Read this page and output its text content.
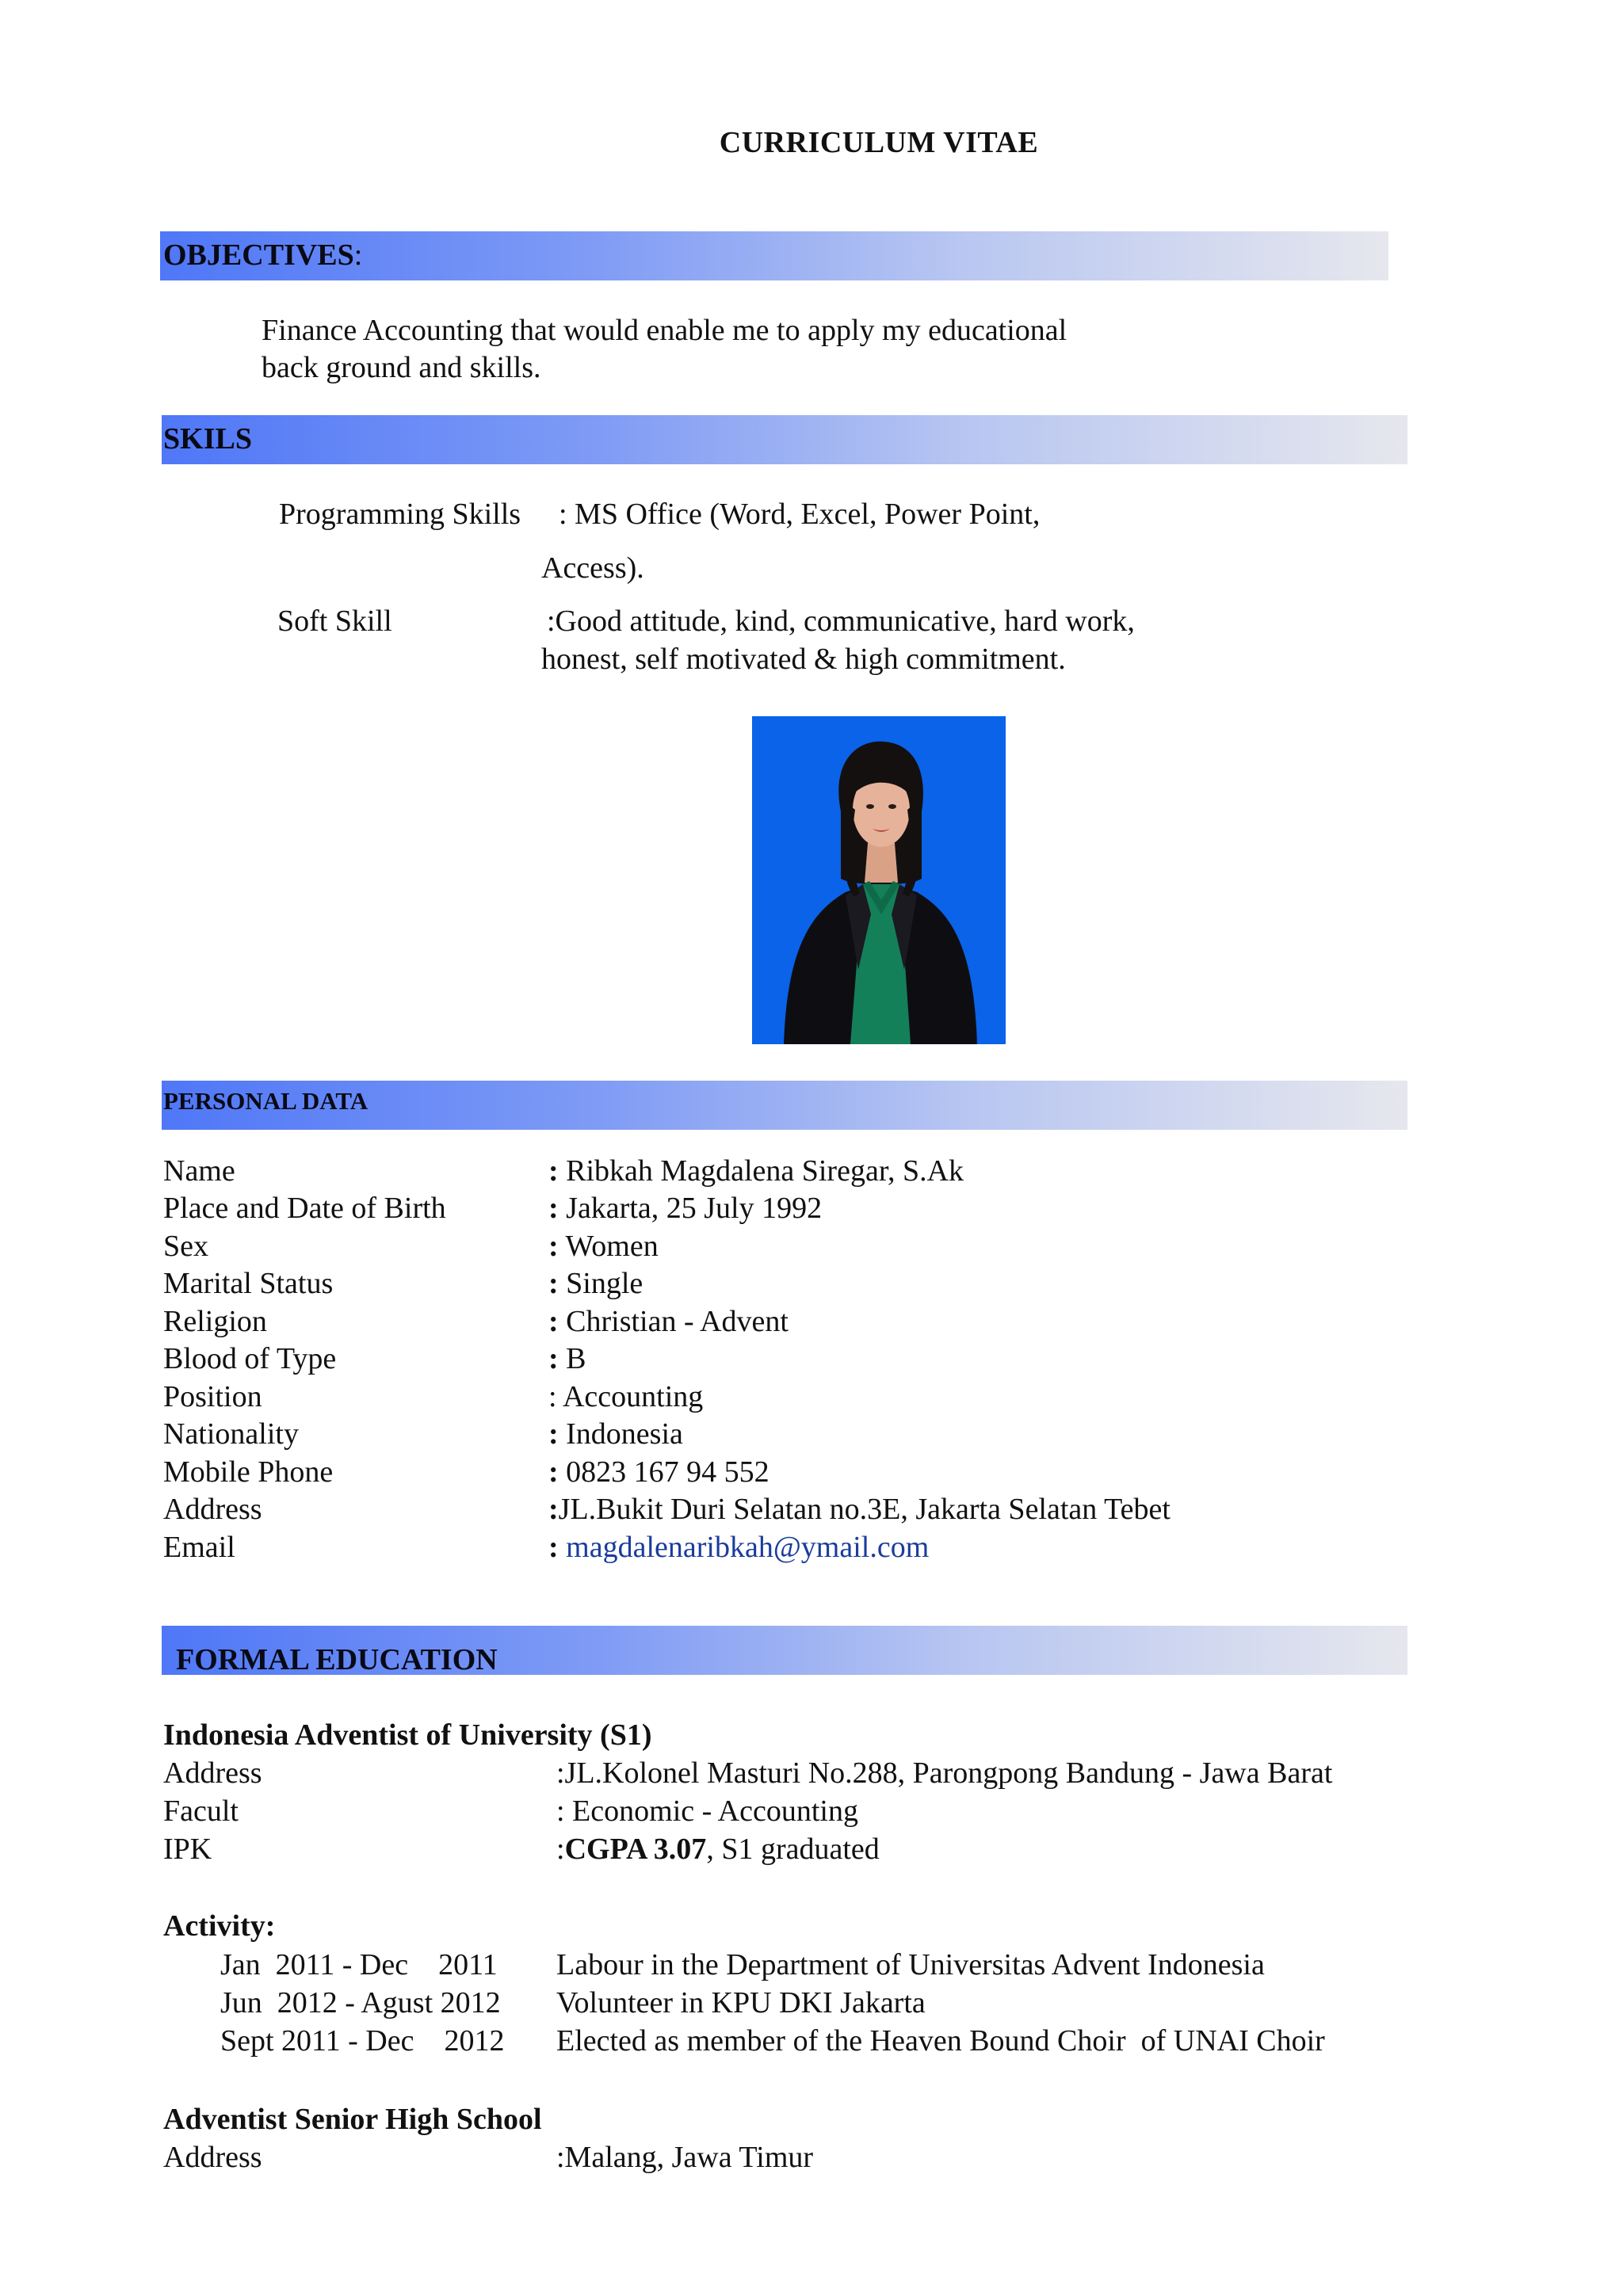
CURRICULUM VITAE
OBJECTIVES:
Finance Accounting that would enable me to apply my educational
back ground and skills.
SKILS
Programming Skills : MS Office (Word, Excel, Power Point,
Access).
Soft Skill	:Good attitude, kind, communicative, hard work,
honest, self motivated & high commitment.
PERSONAL DATA
Name	: Ribkah Magdalena Siregar, S.Ak
Place and Date of Birth	: Jakarta, 25 July 1992
Sex	: Women
Marital Status	: Single
Religion	: Christian - Advent
Blood of Type	: B
Position	: Accounting
Nationality	: Indonesia
Mobile Phone	: 0823 167 94 552
Address	:JL.Bukit Duri Selatan no.3E, Jakarta Selatan Tebet
Email	: magdalenaribkah@ymail.com
FORMAL EDUCATION
Indonesia Adventist of University (S1)
Address	:JL.Kolonel Masturi No.288, Parongpong Bandung - Jawa Barat
Facult	: Economic - Accounting
IPK	:CGPA 3.07, S1 graduated
Activity:
Jan  2011 - Dec    2011 Labour in the Department of Universitas Advent Indonesia
Jun  2012 - Agust 2012 Volunteer in KPU DKI Jakarta
Sept 2011 - Dec    2012 Elected as member of the Heaven Bound Choir  of UNAI Choir
Adventist Senior High School
Address	:Malang, Jawa Timur
